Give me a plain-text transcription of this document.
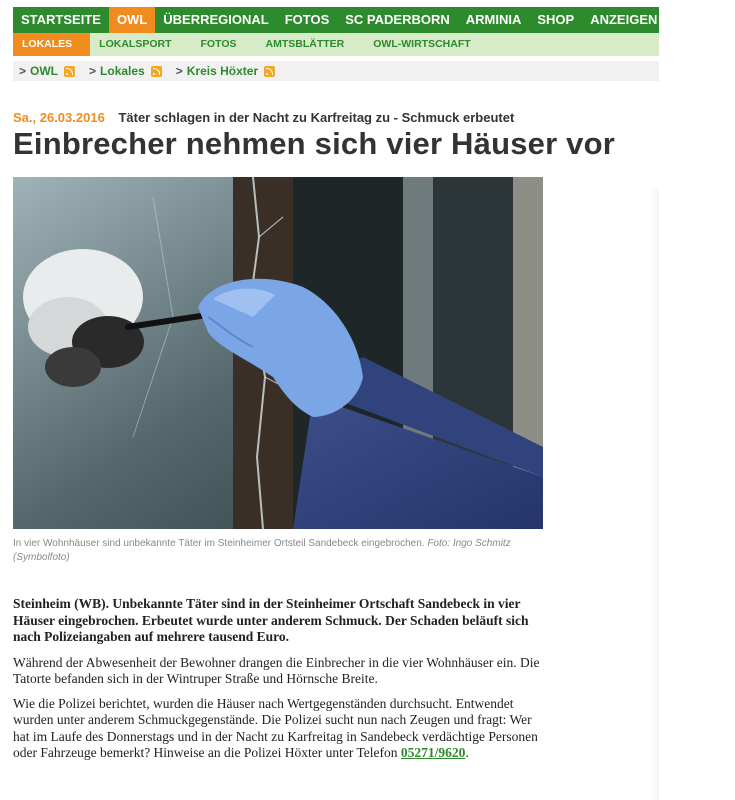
STARTSEITE	OWL	ÜBERREGIONAL	FOTOS	SC PADERBORN	ARMINIA	SHOP	ANZEIGEN	ABO	V
LOKALES	LOKALSPORT	FOTOS	AMTSBLÄTTER	OWL-WIRTSCHAFT
> OWL	> Lokales	> Kreis Höxter
Sa., 26.03.2016 Täter schlagen in der Nacht zu Karfreitag zu - Schmuck erbeutet
Einbrecher nehmen sich vier Häuser vor

In vier Wohnhäuser sind unbekannte Täter im Steinheimer Ortsteil Sandebeck eingebrochen. Foto: Ingo Schmitz (Symbolfoto)

Steinheim (WB). Unbekannte Täter sind in der Steinheimer Ortschaft Sandebeck in vier Häuser eingebrochen. Erbeutet wurde unter anderem Schmuck. Der Schaden beläuft sich nach Polizeiangaben auf mehrere tausend Euro.

Während der Abwesenheit der Bewohner drangen die Einbrecher in die vier Wohnhäuser ein. Die Tatorte befanden sich in der Wintruper Straße und Hörnsche Breite.

Wie die Polizei berichtet, wurden die Häuser nach Wertgegenständen durchsucht. Entwendet wurden unter anderem Schmuckgegenstände. Die Polizei sucht nun nach Zeugen und fragt: Wer hat im Laufe des Donnerstags und in der Nacht zu Karfreitag in Sandebeck verdächtige Personen oder Fahrzeuge bemerkt? Hinweise an die Polizei Höxter unter Telefon 05271/9620.
